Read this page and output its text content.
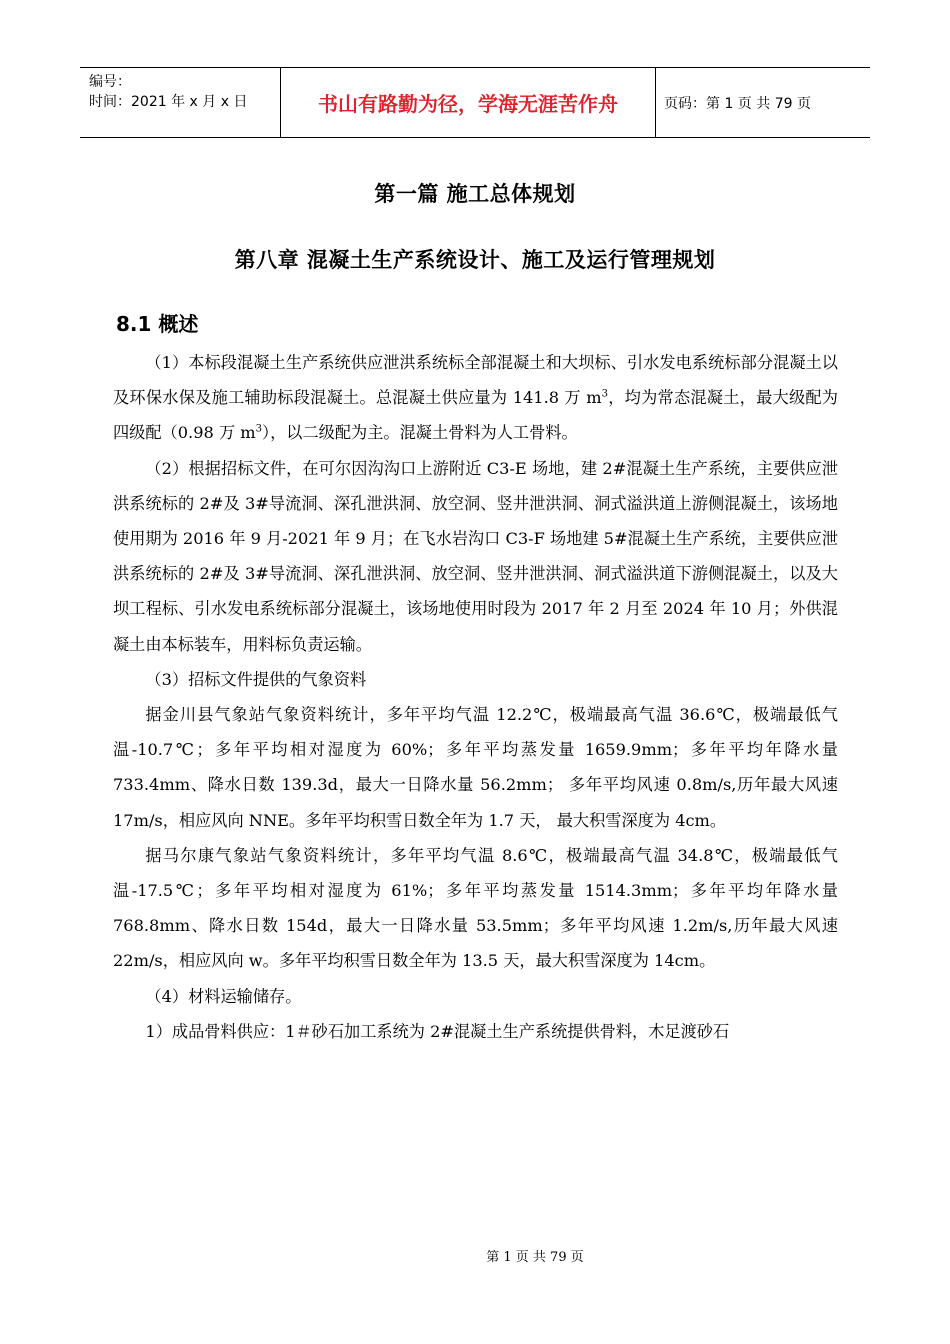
编号：
时间：2021 年 x 月 x 日	书山有路勤为径，学海无涯苦作舟	页码：第 1 页 共 79 页
第一篇 施工总体规划
第八章 混凝土生产系统设计、施工及运行管理规划
8.1 概述

（1）本标段混凝土生产系统供应泄洪系统标全部混凝土和大坝标、引水发电系统标部分混凝土以及环保水保及施工辅助标段混凝土。总混凝土供应量为 141.8 万 $m^3$，均为常态混凝土，最大级配为四级配（0.98 万 $m^3$），以二级配为主。混凝土骨料为人工骨料。

（2）根据招标文件，在可尔因沟沟口上游附近 C3-E 场地，建 2#混凝土生产系统，主要供应泄洪系统标的 2#及 3#导流洞、深孔泄洪洞、放空洞、竖井泄洪洞、洞式溢洪道上游侧混凝土，该场地使用期为 2016 年 9 月-2021 年 9 月；在飞水岩沟口 C3-F 场地建 5#混凝土生产系统，主要供应泄洪系统标的 2#及 3#导流洞、深孔泄洪洞、放空洞、竖井泄洪洞、洞式溢洪道下游侧混凝土，以及大坝工程标、引水发电系统标部分混凝土，该场地使用时段为 2017 年 2 月至 2024 年 10 月；外供混凝土由本标装车，用料标负责运输。

（3）招标文件提供的气象资料

据金川县气象站气象资料统计，多年平均气温 12.2℃，极端最高气温 36.6℃，极端最低气温-10.7℃；多年平均相对湿度为 60%；多年平均蒸发量 1659.9mm；多年平均年降水量 733.4mm、降水日数 139.3d，最大一日降水量 56.2mm； 多年平均风速 0.8m/s,历年最大风速 17m/s，相应风向 NNE。多年平均积雪日数全年为 1.7 天， 最大积雪深度为 4cm。

据马尔康气象站气象资料统计，多年平均气温 8.6℃，极端最高气温 34.8℃，极端最低气温-17.5℃；多年平均相对湿度为 61%；多年平均蒸发量 1514.3mm；多年平均年降水量 768.8mm、降水日数 154d，最大一日降水量 53.5mm；多年平均风速 1.2m/s,历年最大风速 22m/s，相应风向 w。多年平均积雪日数全年为 13.5 天，最大积雪深度为 14cm。

（4）材料运输储存。

1）成品骨料供应：1＃砂石加工系统为 2#混凝土生产系统提供骨料，木足渡砂石

第 1 页 共 79 页
